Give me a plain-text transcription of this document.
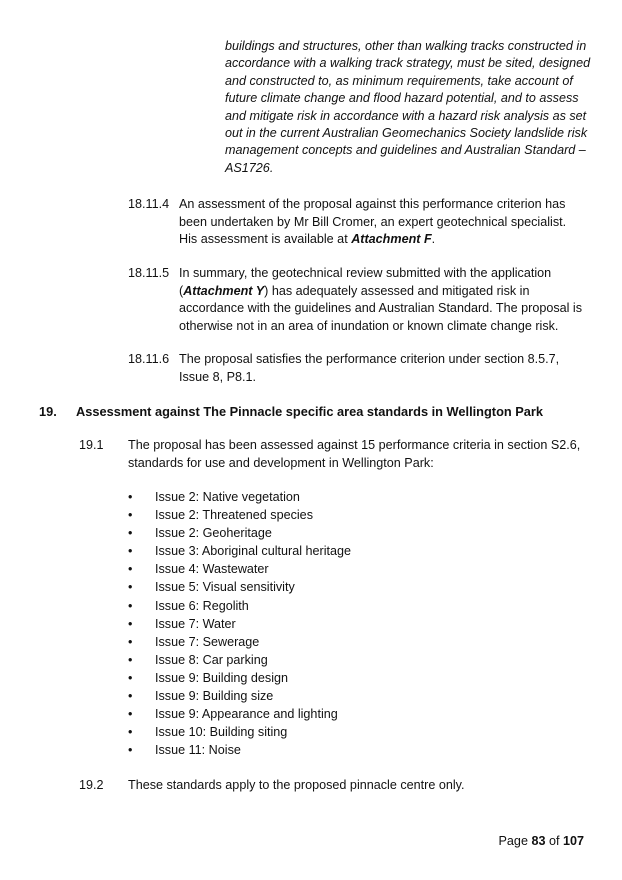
buildings and structures, other than walking tracks constructed in accordance with a walking track strategy, must be sited, designed and constructed to, as minimum requirements, take account of future climate change and flood hazard potential, and to assess and mitigate risk in accordance with a hazard risk analysis as set out in the current Australian Geomechanics Society landslide risk management concepts and guidelines and Australian Standard –AS1726.
18.11.4 An assessment of the proposal against this performance criterion has been undertaken by Mr Bill Cromer, an expert geotechnical specialist. His assessment is available at Attachment F.
18.11.5 In summary, the geotechnical review submitted with the application (Attachment Y) has adequately assessed and mitigated risk in accordance with the guidelines and Australian Standard. The proposal is otherwise not in an area of inundation or known climate change risk.
18.11.6 The proposal satisfies the performance criterion under section 8.5.7, Issue 8, P8.1.
19. Assessment against The Pinnacle specific area standards in Wellington Park
19.1 The proposal has been assessed against 15 performance criteria in section S2.6, standards for use and development in Wellington Park:
• Issue 2: Native vegetation
• Issue 2: Threatened species
• Issue 2: Geoheritage
• Issue 3: Aboriginal cultural heritage
• Issue 4: Wastewater
• Issue 5: Visual sensitivity
• Issue 6: Regolith
• Issue 7: Water
• Issue 7: Sewerage
• Issue 8: Car parking
• Issue 9: Building design
• Issue 9: Building size
• Issue 9: Appearance and lighting
• Issue 10: Building siting
• Issue 11: Noise
19.2 These standards apply to the proposed pinnacle centre only.
Page 83 of 107
